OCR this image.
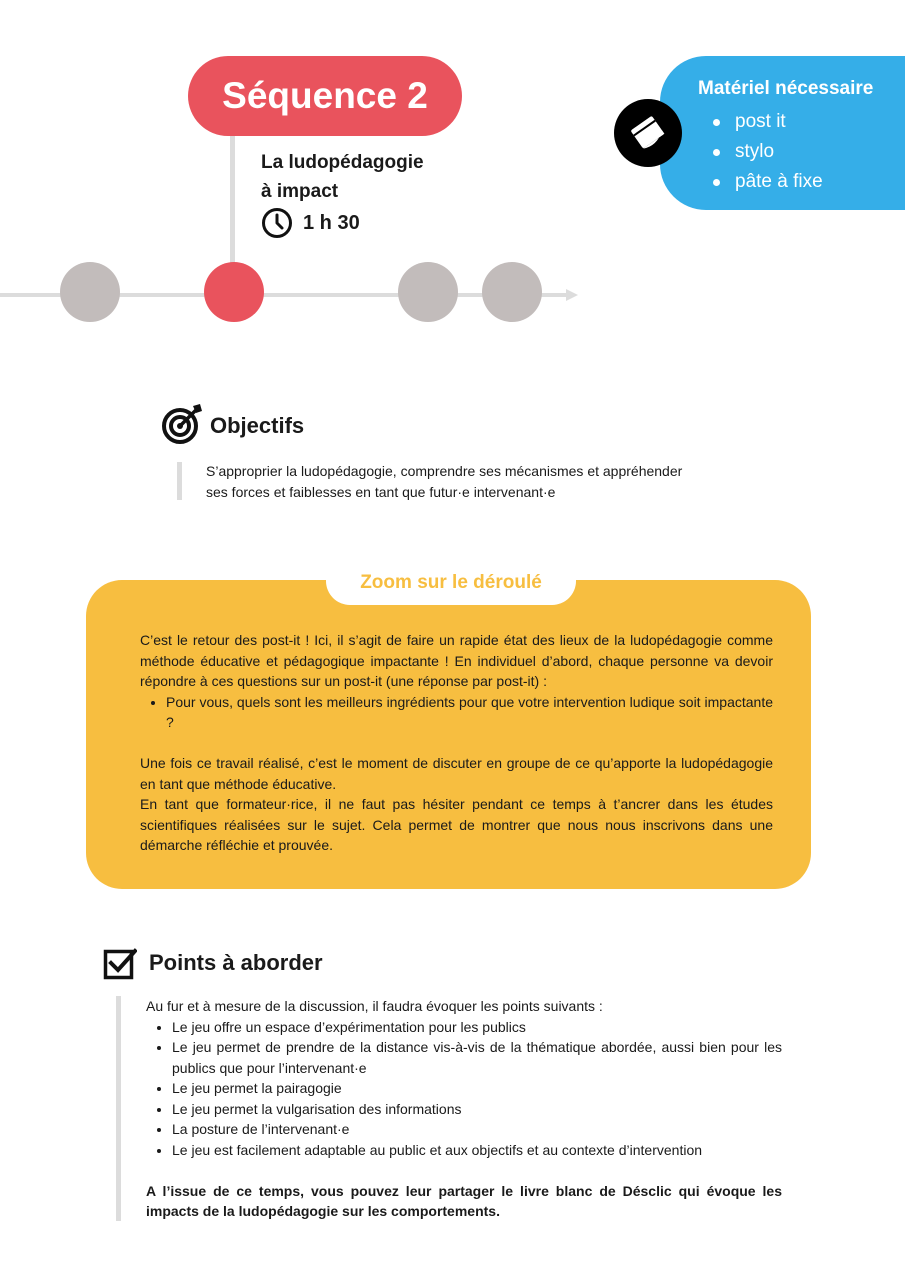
Séquence 2
La ludopédagogie
à impact
1 h 30
Matériel nécessaire
post it
stylo
pâte à fixe
Objectifs
S’approprier la ludopédagogie, comprendre ses mécanismes et appréhender
ses forces et faiblesses en tant que futur·e intervenant·e
Zoom sur le déroulé

C’est le retour des post-it ! Ici, il s’agit de faire un rapide état des lieux de la ludopédagogie comme méthode éducative et pédagogique impactante ! En individuel d’abord, chaque personne va devoir répondre à ces questions sur un post-it (une réponse par post-it) :

• Pour vous, quels sont les meilleurs ingrédients pour que votre intervention ludique soit impactante ?

Une fois ce travail réalisé, c’est le moment de discuter en groupe de ce qu’apporte la ludopédagogie en tant que méthode éducative.

En tant que formateur·rice, il ne faut pas hésiter pendant ce temps à t’ancrer dans les études scientifiques réalisées sur le sujet. Cela permet de montrer que nous nous inscrivons dans une démarche réfléchie et prouvée.

Points à aborder

Au fur et à mesure de la discussion, il faudra évoquer les points suivants :

• Le jeu offre un espace d’expérimentation pour les publics
• Le jeu permet de prendre de la distance vis-à-vis de la thématique abordée, aussi bien pour les publics que pour l’intervenant·e
• Le jeu permet la pairagogie
• Le jeu permet la vulgarisation des informations
• La posture de l’intervenant·e
• Le jeu est facilement adaptable au public et aux objectifs et au contexte d’intervention

A l’issue de ce temps, vous pouvez leur partager le livre blanc de Désclic qui évoque les impacts de la ludopédagogie sur les comportements.
